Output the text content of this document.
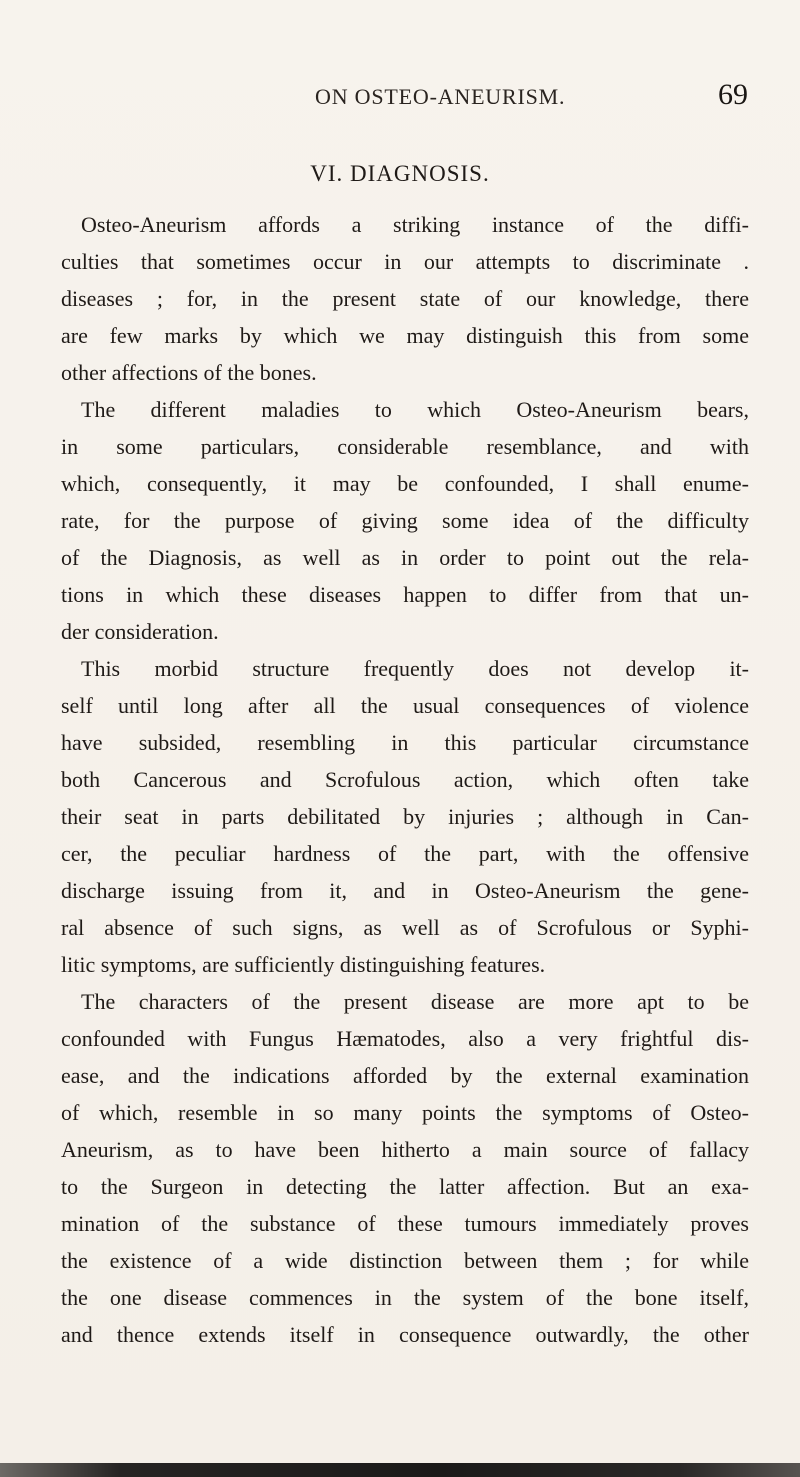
ON OSTEO-ANEURISM.	69
VI. DIAGNOSIS.
Osteo-Aneurism affords a striking instance of the diffi-
culties that sometimes occur in our attempts to discriminate .
diseases ; for, in the present state of our knowledge, there
are few marks by which we may distinguish this from some
other affections of the bones.
The different maladies to which Osteo-Aneurism bears,
in some particulars, considerable resemblance, and with
which, consequently, it may be confounded, I shall enume-
rate, for the purpose of giving some idea of the difficulty
of the Diagnosis, as well as in order to point out the rela-
tions in which these diseases happen to differ from that un-
der consideration.
This morbid structure frequently does not develop it-
self until long after all the usual consequences of violence
have subsided, resembling in this particular circumstance
both Cancerous and Scrofulous action, which often take
their seat in parts debilitated by injuries ; although in Can-
cer, the peculiar hardness of the part, with the offensive
discharge issuing from it, and in Osteo-Aneurism the gene-
ral absence of such signs, as well as of Scrofulous or Syphi-
litic symptoms, are sufficiently distinguishing features.
The characters of the present disease are more apt to be
confounded with Fungus Hæmatodes, also a very frightful dis-
ease, and the indications afforded by the external examination
of which, resemble in so many points the symptoms of Osteo-
Aneurism, as to have been hitherto a main source of fallacy
to the Surgeon in detecting the latter affection. But an exa-
mination of the substance of these tumours immediately proves
the existence of a wide distinction between them ; for while
the one disease commences in the system of the bone itself,
and thence extends itself in consequence outwardly, the other
